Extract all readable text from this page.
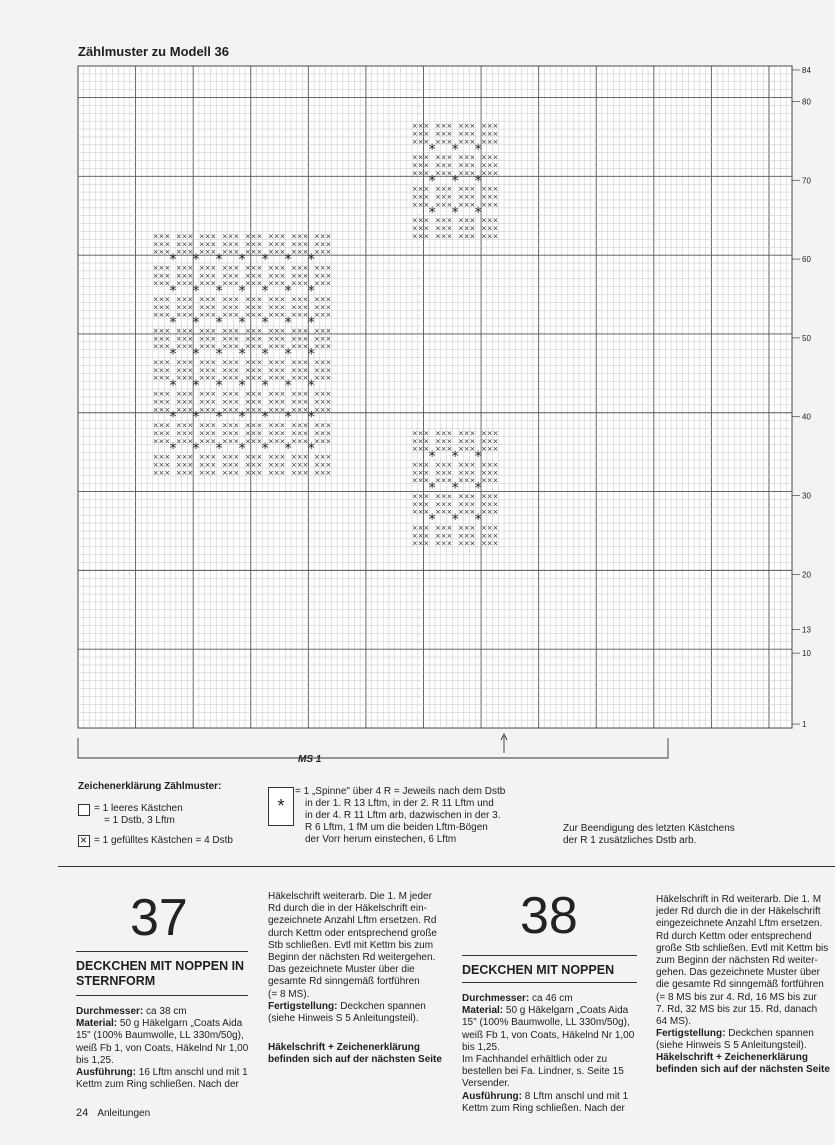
Zählmuster zu Modell 36
84
80
70
60
50
40
30
20
13
10
1
× × ×
× × ×
× × ×
× × ×
× × ×
× × × * × × ×
× × ×
× × ×
× × ×
× × ×
× × × * × × ×
× × ×
× × × * × × ×
× × ×
× × ×
× × ×
× × ×
× × × * × × ×
× × ×
× × × * × × ×
× × ×
× × × * × × ×
× × ×
× × ×
× × ×
× × ×
× × × * × × ×
× × ×
× × × * × × ×
× × ×
× × × * × × ×
× × ×
× × × * × × ×
× × ×
× × ×
× × ×
× × ×
× × × * × × ×
× × ×
× × × * × × ×
× × ×
× × × * × × ×
× × ×
× × × * × × ×
× × ×
× × × * × × ×
× × ×
× × ×
× × ×
× × ×
× × × * × × ×
× × ×
× × × * × × ×
× × ×
× × × * × × ×
× × ×
× × × * × × ×
× × ×
× × × * × × ×
× × ×
× × × * × × ×
× × ×
× × ×
× × ×
× × ×
× × × * × × ×
× × ×
× × × * × × ×
× × ×
× × × * × × ×
× × ×
× × × * × × ×
× × ×
× × × * × × ×
× × ×
× × × * × × ×
× × ×
× × × * × × ×
× × ×
× × ×
× × ×
× × ×
× × × * × × ×
× × ×
× × × * × × ×
× × ×
× × × * × × ×
× × ×
× × × * × × ×
× × ×
× × × * × × ×
× × ×
× × × * × × ×
× × ×
× × ×
× × ×
× × ×
× × × * × × ×
× × ×
× × × * × × ×
× × ×
× × × * × × ×
× × ×
× × × * × × ×
× × ×
× × × * × × ×
× × ×
× × ×
× × ×
× × ×
× × × * × × ×
× × ×
× × × * × × ×
× × ×
× × × * × × ×
× × ×
× × × * × × ×
× × ×
× × ×
× × ×
× × ×
× × × * × × ×
× × ×
× × × * × × ×
× × ×
× × × * × × ×
× × ×
× × ×
× × ×
× × ×
× × × * × × ×
× × ×
× × × * × × ×
× × ×
× × ×
× × ×
× × ×
× × × * × × ×
× × ×
× × ×
× × ×
× × ×
× × ×
× × ×
× × ×
× × ×
× × ×
× × ×
× × × * × × ×
× × ×
× × ×
× × ×
× × ×
× × × * × × ×
× × ×
× × × * × × ×
× × ×
× × ×
× × ×
× × ×
× × × * × × ×
× × ×
× × × * × × ×
× × ×
× × × * × × ×
× × ×
× × ×
× × ×
× × ×
× × × * × × ×
× × ×
× × × * × × ×
× × ×
× × ×
× × ×
× × ×
× × × * × × ×
× × ×
× × ×
× × ×
× × ×
× × ×
× × ×
× × ×
× × ×
× × ×
× × ×
× × × * × × ×
× × ×
× × ×
× × ×
× × ×
× × × * × × ×
× × ×
× × × * × × ×
× × ×
× × ×
× × ×
× × ×
× × × * × × ×
× × ×
× × × * × × ×
× × ×
× × × * × × ×
× × ×
× × ×
× × ×
× × ×
× × × * × × ×
× × ×
× × × * × × ×
× × ×
× × ×
× × ×
× × ×
× × × * × × ×
× × ×
× × ×
× × ×
× × ×
× × ×
MS 1
Zeichenerklärung Zählmuster:
= 1 leeres Kästchen
= 1 Dstb, 3 Lftm
×
= 1 gefülltes Kästchen = 4 Dstb
*
= 1 „Spinne" über 4 R = Jeweils nach dem Dstb
in der 1. R 13 Lftm, in der 2. R 11 Lftm und
in der 4. R 11 Lftm arb, dazwischen in der 3.
R 6 Lftm, 1 fM um die beiden Lftm-Bögen
der Vorr herum einstechen, 6 Lftm
Zur Beendigung des letzten Kästchens
der R 1 zusätzliches Dstb arb.
37
DECKCHEN MIT NOPPEN IN
STERNFORM
Durchmesser: ca 38 cm
Material: 50 g Häkelgarn „Coats Aida
15" (100% Baumwolle, LL 330m/50g),
weiß Fb 1, von Coats, Häkelnd Nr 1,00
bis 1,25.
Ausführung: 16 Lftm anschl und mit 1
Kettm zum Ring schließen. Nach der
Häkelschrift weiterarb. Die 1. M jeder
Rd durch die in der Häkelschrift ein-
gezeichnete Anzahl Lftm ersetzen. Rd
durch Kettm oder entsprechend große
Stb schließen. Evtl mit Kettm bis zum
Beginn der nächsten Rd weitergehen.
Das gezeichnete Muster über die
gesamte Rd sinngemäß fortführen
(= 8 MS).
Fertigstellung: Deckchen spannen
(siehe Hinweis S 5 Anleitungsteil).
Häkelschrift + Zeichenerklärung
befinden sich auf der nächsten Seite
38
DECKCHEN MIT NOPPEN
Durchmesser: ca 46 cm
Material: 50 g Häkelgarn „Coats Aida
15" (100% Baumwolle, LL 330m/50g),
weiß Fb 1, von Coats, Häkelnd Nr 1,00
bis 1,25.
Im Fachhandel erhältlich oder zu
bestellen bei Fa. Lindner, s. Seite 15
Versender.
Ausführung: 8 Lftm anschl und mit 1
Kettm zum Ring schließen. Nach der
Häkelschrift in Rd weiterarb. Die 1. M
jeder Rd durch die in der Häkelschrift
eingezeichnete Anzahl Lftm ersetzen.
Rd durch Kettm oder entsprechend
große Stb schließen. Evtl mit Kettm bis
zum Beginn der nächsten Rd weiter-
gehen. Das gezeichnete Muster über
die gesamte Rd sinngemäß fortführen
(= 8 MS bis zur 4. Rd, 16 MS bis zur
7. Rd, 32 MS bis zur 15. Rd, danach
64 MS).
Fertigstellung: Deckchen spannen
(siehe Hinweis S 5 Anleitungsteil).
Häkelschrift + Zeichenerklärung
befinden sich auf der nächsten Seite
24 Anleitungen
